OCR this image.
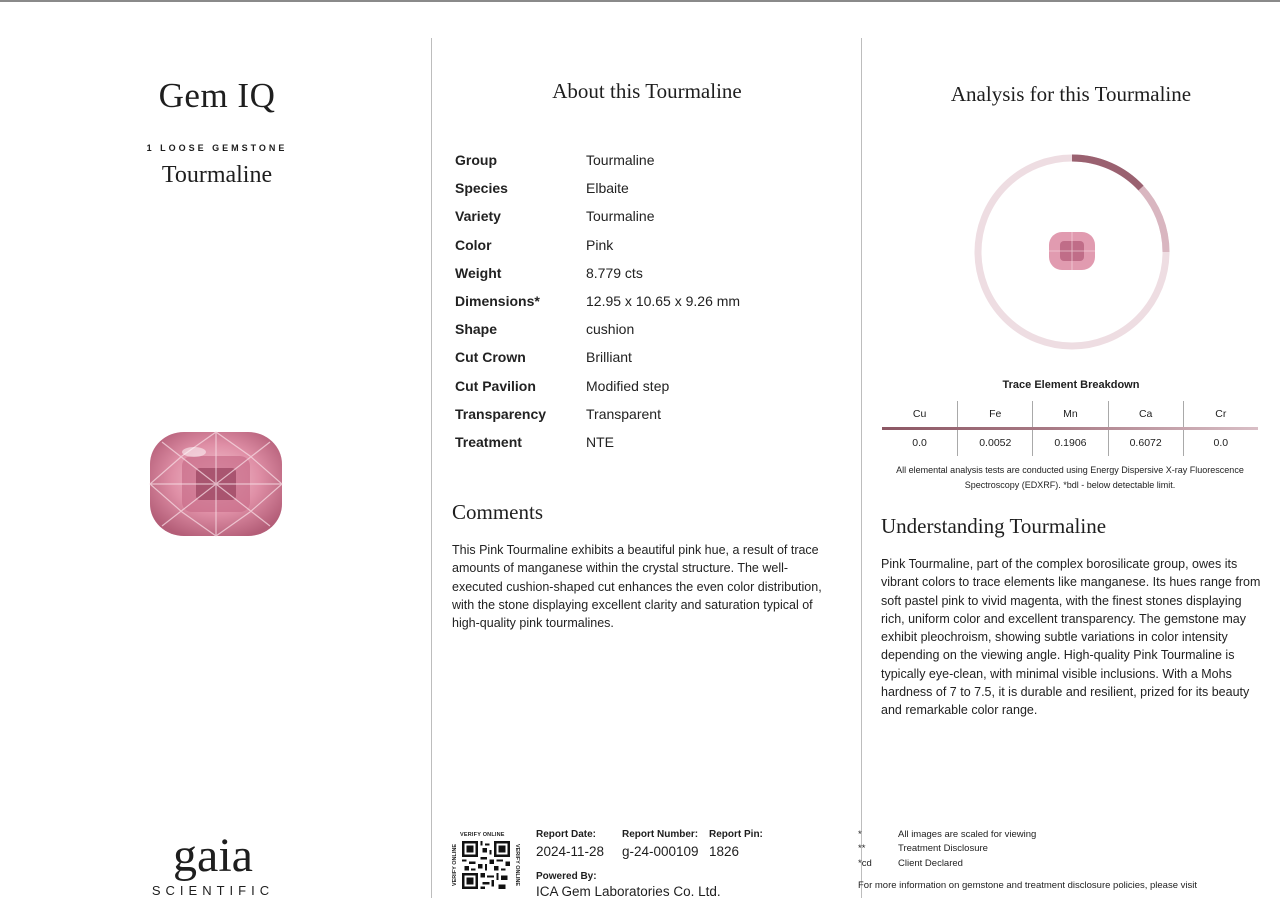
Gem IQ
1 LOOSE GEMSTONE
Tourmaline
gaia
SCIENTIFIC
About this Tourmaline
Group	Tourmaline
Species	Elbaite
Variety	Tourmaline
Color	Pink
Weight	8.779 cts
Dimensions*	12.95 x 10.65 x 9.26 mm
Shape	cushion
Cut Crown	Brilliant
Cut Pavilion	Modified step
Transparency	Transparent
Treatment	NTE
Comments
This Pink Tourmaline exhibits a beautiful pink hue, a result of trace amounts of manganese within the crystal structure. The well-executed cushion-shaped cut enhances the even color distribution, with the stone displaying excellent clarity and saturation typical of high-quality pink tourmalines.
VERIFY ONLINE
VERIFY ONLINE	VERIFY ONLINE
Report Date:
2024-11-28
Report Number:
g-24-000109
Report Pin:
1826
Powered By:
ICA Gem Laboratories Co. Ltd.
Analysis for this Tourmaline
Trace Element Breakdown
Cu	Fe	Mn	Ca	Cr
0.0	0.0052	0.1906	0.6072	0.0
All elemental analysis tests are conducted using Energy Dispersive X-ray Fluorescence Spectroscopy (EDXRF). *bdl - below detectable limit.
Understanding Tourmaline
Pink Tourmaline, part of the complex borosilicate group, owes its vibrant colors to trace elements like manganese. Its hues range from soft pastel pink to vivid magenta, with the finest stones displaying rich, uniform color and excellent transparency. The gemstone may exhibit pleochroism, showing subtle variations in color intensity depending on the viewing angle. High-quality Pink Tourmaline is typically eye-clean, with minimal visible inclusions. With a Mohs hardness of 7 to 7.5, it is durable and resilient, prized for its beauty and remarkable color range.
*	All images are scaled for viewing
**	Treatment Disclosure
*cd	Client Declared
For more information on gemstone and treatment disclosure policies, please visit
